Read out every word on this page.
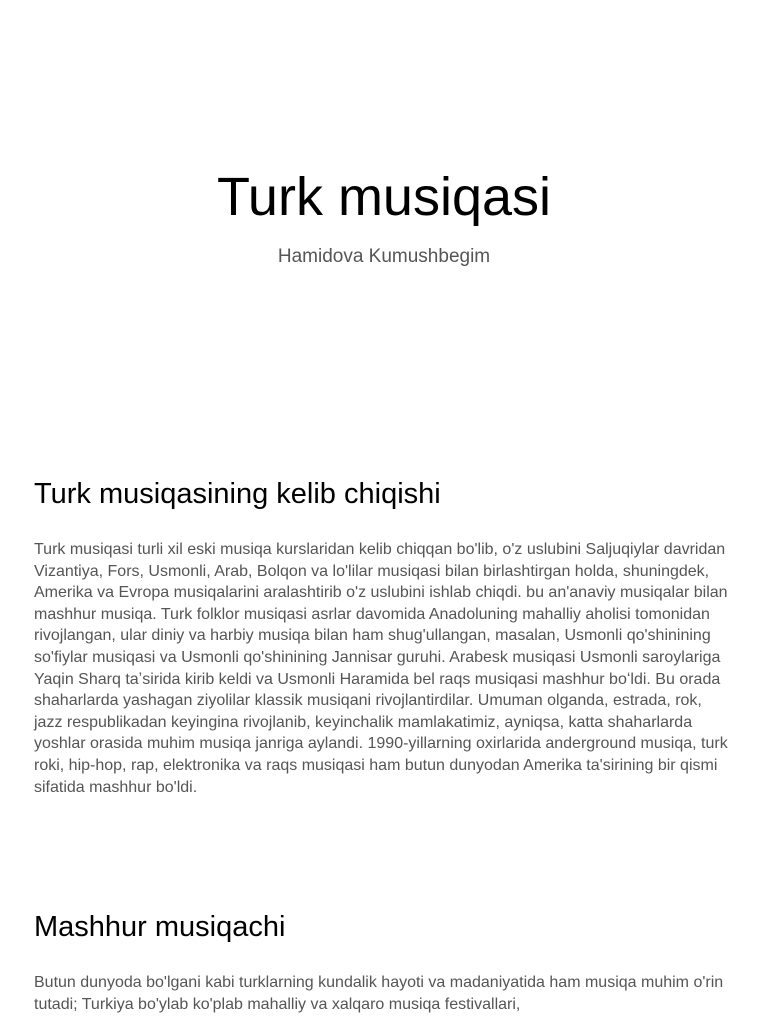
Turk musiqasi
Hamidova Kumushbegim
Turk musiqasining kelib chiqishi

Turk musiqasi turli xil eski musiqa kurslaridan kelib chiqqan bo'lib, o'z uslubini Saljuqiylar davridan Vizantiya, Fors, Usmonli, Arab, Bolqon va lo'lilar musiqasi bilan birlashtirgan holda, shuningdek, Amerika va Evropa musiqalarini aralashtirib o'z uslubini ishlab chiqdi. bu an'anaviy musiqalar bilan mashhur musiqa. Turk folklor musiqasi asrlar davomida Anadoluning mahalliy aholisi tomonidan rivojlangan, ular diniy va harbiy musiqa bilan ham shug'ullangan, masalan, Usmonli qo'shinining so'fiylar musiqasi va Usmonli qo'shinining Jannisar guruhi. Arabesk musiqasi Usmonli saroylariga Yaqin Sharq taʼsirida kirib keldi va Usmonli Haramida bel raqs musiqasi mashhur boʻldi. Bu orada shaharlarda yashagan ziyolilar klassik musiqani rivojlantirdilar. Umuman olganda, estrada, rok, jazz respublikadan keyingina rivojlanib, keyinchalik mamlakatimiz, ayniqsa, katta shaharlarda yoshlar orasida muhim musiqa janriga aylandi. 1990-yillarning oxirlarida anderground musiqa, turk roki, hip-hop, rap, elektronika va raqs musiqasi ham butun dunyodan Amerika ta'sirining bir qismi sifatida mashhur bo'ldi.

Mashhur musiqachi

Butun dunyoda bo'lgani kabi turklarning kundalik hayoti va madaniyatida ham musiqa muhim o'rin tutadi; Turkiya bo'ylab ko'plab mahalliy va xalqaro musiqa festivallari,
